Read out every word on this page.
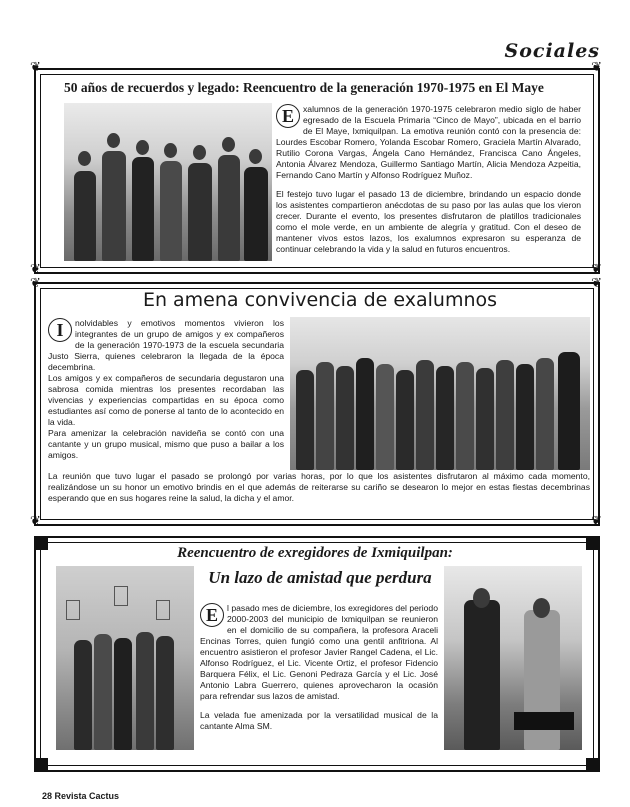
Sociales
❦	❦
❦	❦
50 años de recuerdos y legado: Reencuentro de la generación 1970-1975 en El Maye
E	xalumnos de la generación 1970-1975 celebraron medio siglo de haber egresado de la Escuela Primaria “Cinco de Mayo”, ubicada en el barrio de El Maye, Ixmiquilpan. La emotiva reunión contó con la presencia de: Lourdes Escobar Romero, Yolanda Escobar Romero, Graciela Martín Alvarado, Rutilio Corona Vargas, Ángela Cano Hernández, Francisca Cano Ángeles, Antonia Álvarez Mendoza, Guillermo Santiago Martín, Alicia Mendoza Azpeitia, Fernando Cano Martín y Alfonso Rodríguez Muñoz.
El festejo tuvo lugar el pasado 13 de diciembre, brindando un espacio donde los asistentes compartieron anécdotas de su paso por las aulas que los vieron crecer. Durante el evento, los presentes disfrutaron de platillos tradicionales como el mole verde, en un ambiente de alegría y gratitud. Con el deseo de mantener vivos estos lazos, los exalumnos expresaron su esperanza de continuar celebrando la vida y la salud en futuros encuentros.
❦	❦
❦	❦
En amena convivencia de exalumnos
I	nolvidables y emotivos momentos vivieron los integrantes de un grupo de amigos y ex compañeros de la generación 1970-1973 de la escuela secundaria Justo Sierra, quienes celebraron la llegada de la época decembrina.
Los amigos y ex compañeros de secundaria degustaron una sabrosa comida mientras los presentes recordaban las vivencias y experiencias compartidas en su época como estudiantes así como de ponerse al tanto de lo acontecido en la vida.
Para amenizar la celebración navideña se contó con una cantante y un grupo musical, mismo que puso a bailar a los amigos.
La reunión que tuvo lugar el pasado se prolongó por varias horas, por lo que los asistentes disfrutaron al máximo cada momento, realizándose un su honor un emotivo brindis en el que además de reiterarse su cariño se desearon lo mejor en estas fiestas decembrinas esperando que en sus hogares reine la salud, la dicha y el amor.
Reencuentro de exregidores de Ixmiquilpan:
Un lazo de amistad que perdura
E	l pasado mes de diciembre, los exregidores del periodo 2000-2003 del municipio de Ixmiquilpan se reunieron en el domicilio de su compañera, la profesora Araceli Encinas Torres, quien fungió como una gentil anfitriona. Al encuentro asistieron el profesor Javier Rangel Cadena, el Lic. Alfonso Rodríguez, el Lic. Vicente Ortiz, el profesor Fidencio Barquera Félix, el Lic. Genoni Pedraza García y el Lic. José Antonio Labra Guerrero, quienes aprovecharon la ocasión para refrendar sus lazos de amistad.
La velada fue amenizada por la versatilidad musical de la cantante Alma SM.
28 Revista Cactus
